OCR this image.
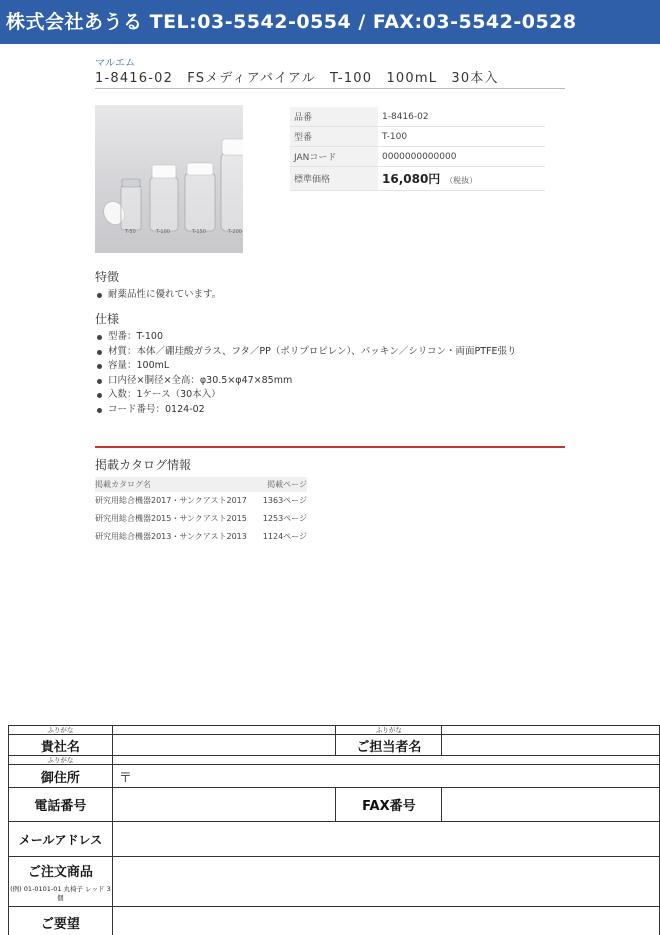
株式会社あうる TEL:03-5542-0554 / FAX:03-5542-0528
マルエム
1-8416-02　FSメディアバイアル　T-100　100mL　30本入
T-50	T-100	T-150	T-200
品番	1-8416-02
型番	T-100
JANコード	0000000000000
標準価格	16,080円 （税抜）
特徴
耐薬品性に優れています。
仕様
型番：T-100
材質：本体／硼珪酸ガラス、フタ／PP（ポリプロピレン）、パッキン／シリコン・両面PTFE張り
容量：100mL
口内径×胴径×全高：φ30.5×φ47×85mm
入数：1ケース（30本入）
コード番号：0124-02
掲載カタログ情報
掲載カタログ名	掲載ページ
研究用総合機器2017・サンクアスト2017	1363ページ
研究用総合機器2015・サンクアスト2015	1253ページ
研究用総合機器2013・サンクアスト2013	1124ページ
ふりがな		ふりがな	
貴社名		ご担当者名	
ふりがな			
御住所	〒		
電話番号		FAX番号	
メールアドレス			
ご注文商品
(例) 01-0101-01 丸椅子 レッド 3個			

ご要望			
